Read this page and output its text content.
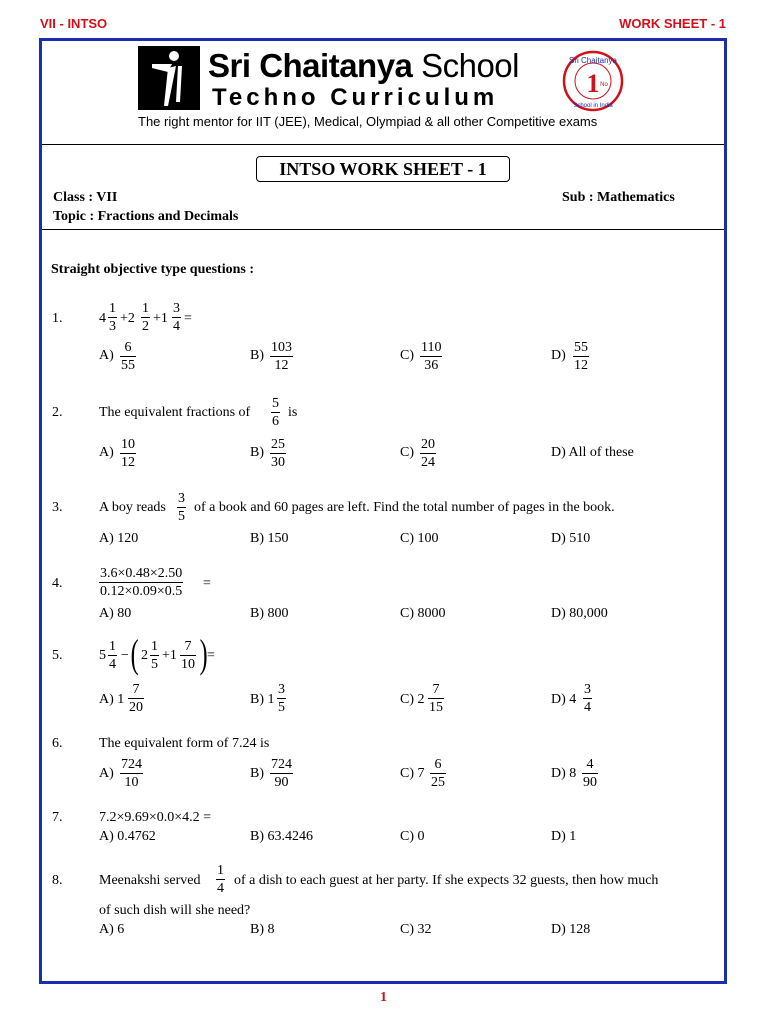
VII - INTSO	WORK SHEET - 1
Sri Chaitanya School
Techno Curriculum
Sri Chaitanya
1 No
School in India
The right mentor for IIT (JEE), Medical, Olympiad & all other Competitive exams
INTSO WORK SHEET - 1
Class : VII	Sub : Mathematics
Topic : Fractions and Decimals
Straight objective type questions :
1.	4
1
3
+2
1
2
+1
3
4
=
A)
6
55
B)
103
12
C)
110
36
D)
55
12
2.	The equivalent fractions of
5
6
is
A)
10
12
B)
25
30
C)
20
24
D) All of these
3.	A boy reads
3
5
of a book and 60 pages are left. Find the total number of pages in the book.
A) 120	B) 150	C) 100	D) 510
4.
3.6×0.48×2.50
0.12×0.09×0.5
=
A) 80	B) 800	C) 8000	D) 80,000
5.	5
1
4
− ( 2
1
5
+1
7
10 ) =
A) 1
7
20
B) 1
3
5
C) 2
7
15
D) 4
3
4
6.	The equivalent form of 7.24 is
A)
724
10
B)
724
90
C) 7
6
25
D) 8
4
90
7.	7.2×9.69×0.0×4.2 =
A) 0.4762	B) 63.4246	C) 0	D) 1
8.	Meenakshi served
1
4
of a dish to each guest at her party. If she expects 32 guests, then how much
of such dish will she need?
A) 6	B) 8	C) 32	D) 128
1
